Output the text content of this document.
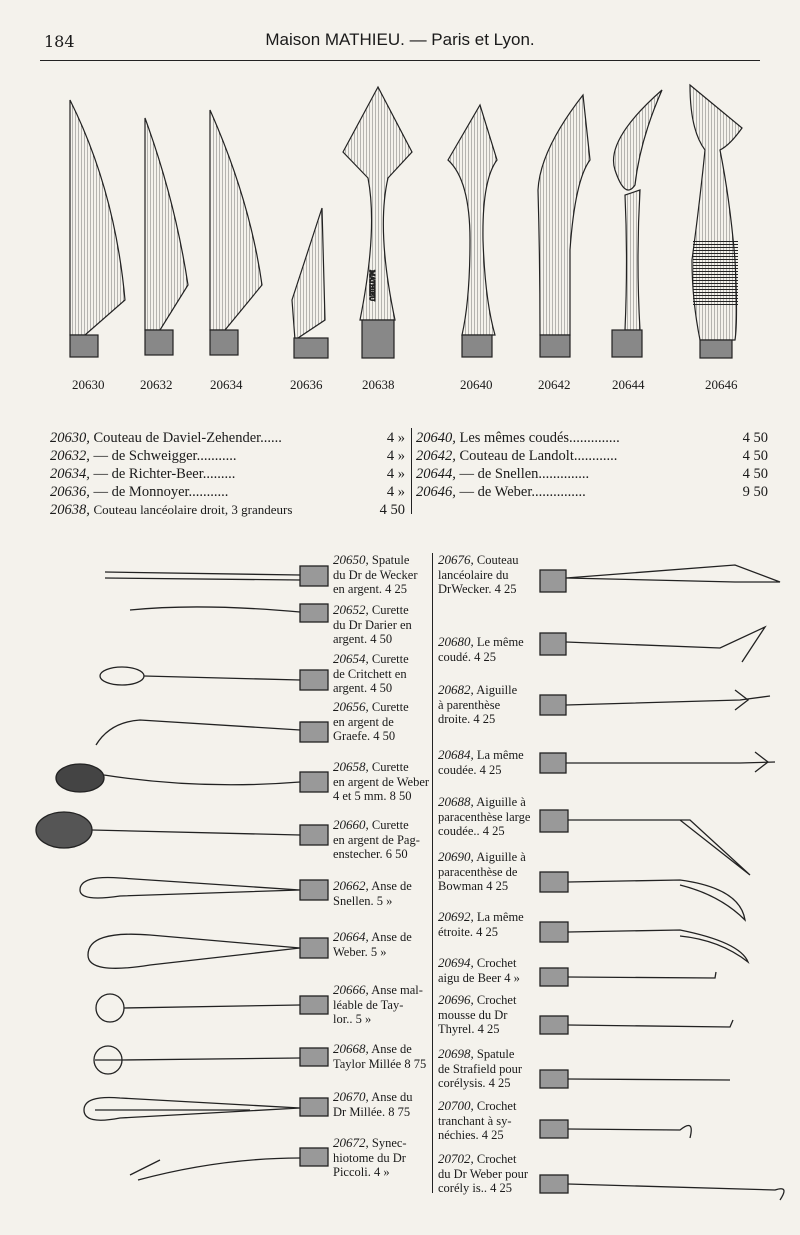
184	Maison MATHIEU. — Paris et Lyon.
MATHIEU
20630	20632	20634	20636	20638	20640	20642	20644	20646
20630, Couteau de Daviel-Zehender......	4 »
20632, — de Schweigger...........	4 »
20634, — de Richter-Beer.........	4 »
20636, — de Monnoyer...........	4 »
20638, Couteau lancéolaire droit, 3 grandeurs	4 50
20640, Les mêmes coudés..............	4 50
20642, Couteau de Landolt............	4 50
20644, — de Snellen..............	4 50
20646, — de Weber...............	9 50
20650, Spatule
du Dr de Wecker
en argent. 4 25
20652, Curette
du Dr Darier en
argent. 4 50
20654, Curette
de Critchett en
argent. 4 50
20656, Curette
en argent de
Graefe. 4 50
20658, Curette
en argent de Weber
4 et 5 mm. 8 50
20660, Curette
en argent de Pag-
enstecher. 6 50
20662, Anse de
Snellen. 5 »
20664, Anse de
Weber. 5 »
20666, Anse mal-
léable de Tay-
lor.. 5 »
20668, Anse de
Taylor Millée 8 75
20670, Anse du
Dr Millée. 8 75
20672, Synec-
hiotome du Dr
Piccoli. 4 »
20676, Couteau
lancéolaire du
DrWecker. 4 25
20680, Le même
coudé. 4 25
20682, Aiguille
à parenthèse
droite. 4 25
20684, La même
coudée. 4 25
20688, Aiguille à
paracenthèse large
coudée.. 4 25
20690, Aiguille à
paracenthèse de
Bowman 4 25
20692, La même
étroite. 4 25
20694, Crochet
aigu de Beer 4 »
20696, Crochet
mousse du Dr
Thyrel. 4 25
20698, Spatule
de Strafield pour
corélysis. 4 25
20700, Crochet
tranchant à sy-
néchies. 4 25
20702, Crochet
du Dr Weber pour
corély is.. 4 25
